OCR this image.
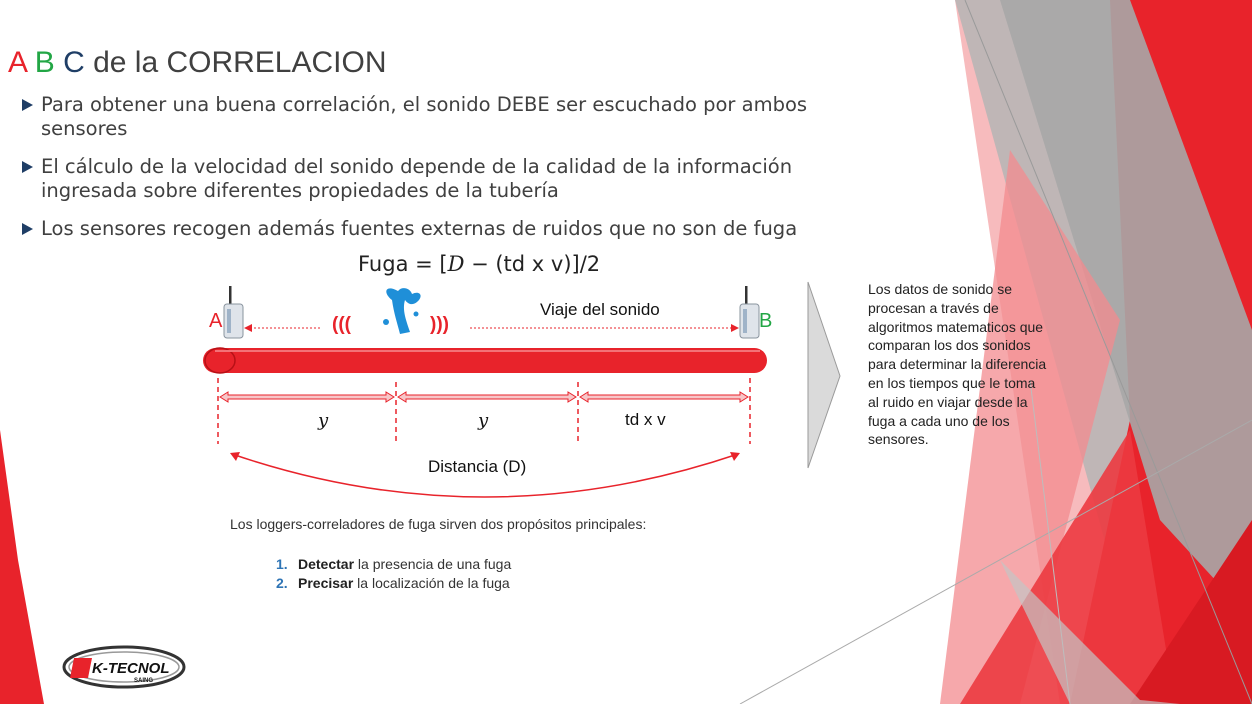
A B C de la CORRELACION
Para obtener una buena correlación, el sonido DEBE ser escuchado por ambos sensores
El cálculo de la velocidad del sonido depende de la calidad de la información ingresada sobre diferentes propiedades de la tubería
Los sensores recogen además fuentes externas de ruidos que no son de fuga
Fuga = [D − (td x v)]/2
A	B
(((	)))
Viaje del sonido
y	y	td x v
Distancia (D)
Los datos de sonido se procesan a través de algoritmos matematicos que comparan los dos sonidos para determinar la diferencia en los tiempos que le toma al ruido en viajar desde la fuga a cada uno de los sensores.
Los loggers-correladores de fuga sirven dos propósitos principales:
1. Detectar la presencia de una fuga
2. Precisar la localización de la fuga
K-TECNOL
SAING
